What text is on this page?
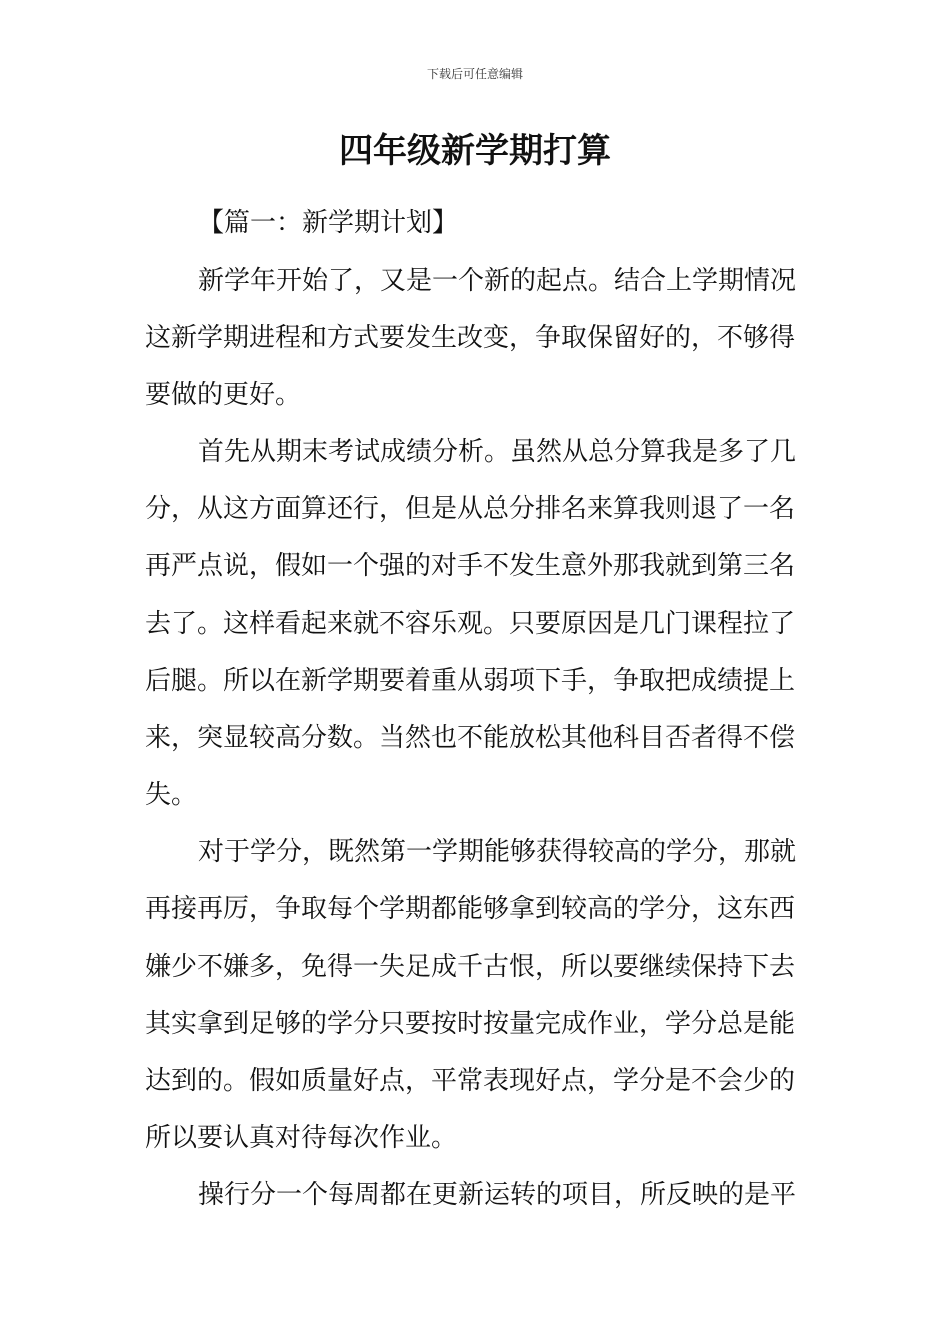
下载后可任意编辑
四年级新学期打算
【篇一：新学期计划】
新学年开始了，又是一个新的起点。结合上学期情况
这新学期进程和方式要发生改变，争取保留好的，不够得
要做的更好。
首先从期末考试成绩分析。虽然从总分算我是多了几
分，从这方面算还行，但是从总分排名来算我则退了一名
再严点说，假如一个强的对手不发生意外那我就到第三名
去了。这样看起来就不容乐观。只要原因是几门课程拉了
后腿。所以在新学期要着重从弱项下手，争取把成绩提上
来，突显较高分数。当然也不能放松其他科目否者得不偿
失。
对于学分，既然第一学期能够获得较高的学分，那就
再接再厉，争取每个学期都能够拿到较高的学分，这东西
嫌少不嫌多，免得一失足成千古恨，所以要继续保持下去
其实拿到足够的学分只要按时按量完成作业，学分总是能
达到的。假如质量好点，平常表现好点，学分是不会少的
所以要认真对待每次作业。
操行分一个每周都在更新运转的项目，所反映的是平
